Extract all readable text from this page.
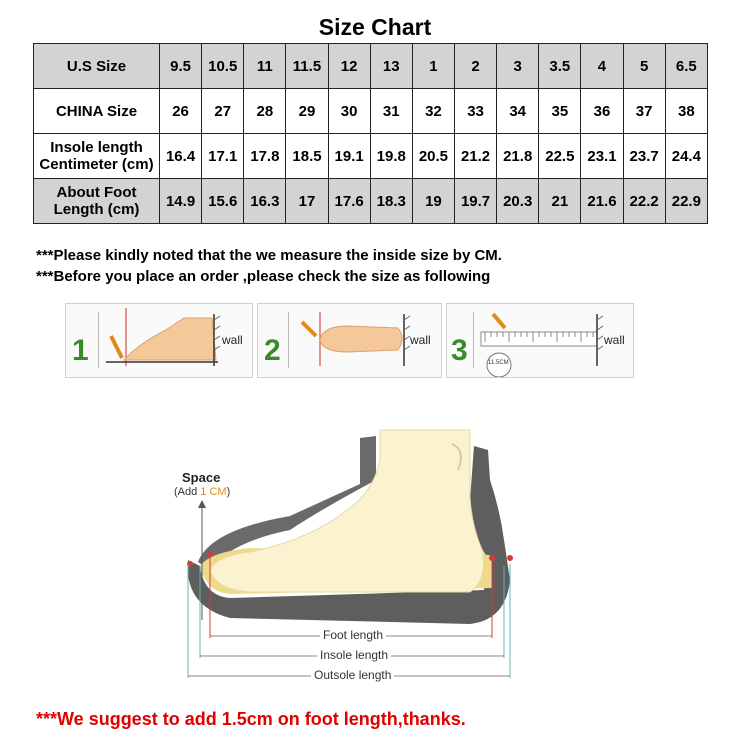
Size Chart
U.S Size	9.5	10.5	11	11.5	12	13	1	2	3	3.5	4	5	6.5
CHINA Size	26	27	28	29	30	31	32	33	34	35	36	37	38
Insole length Centimeter (cm)	16.4	17.1	17.8	18.5	19.1	19.8	20.5	21.2	21.8	22.5	23.1	23.7	24.4
About Foot Length (cm)	14.9	15.6	16.3	17	17.6	18.3	19	19.7	20.3	21	21.6	22.2	22.9
***Please kindly noted that the we measure the inside size by CM.
***Before you place an order ,please check the size as following
1	wall 2	wall 3	11.5CM
wall
Space
(Add 1 CM)
Foot length
Insole length
Outsole length
***We suggest to add 1.5cm on foot length,thanks.
